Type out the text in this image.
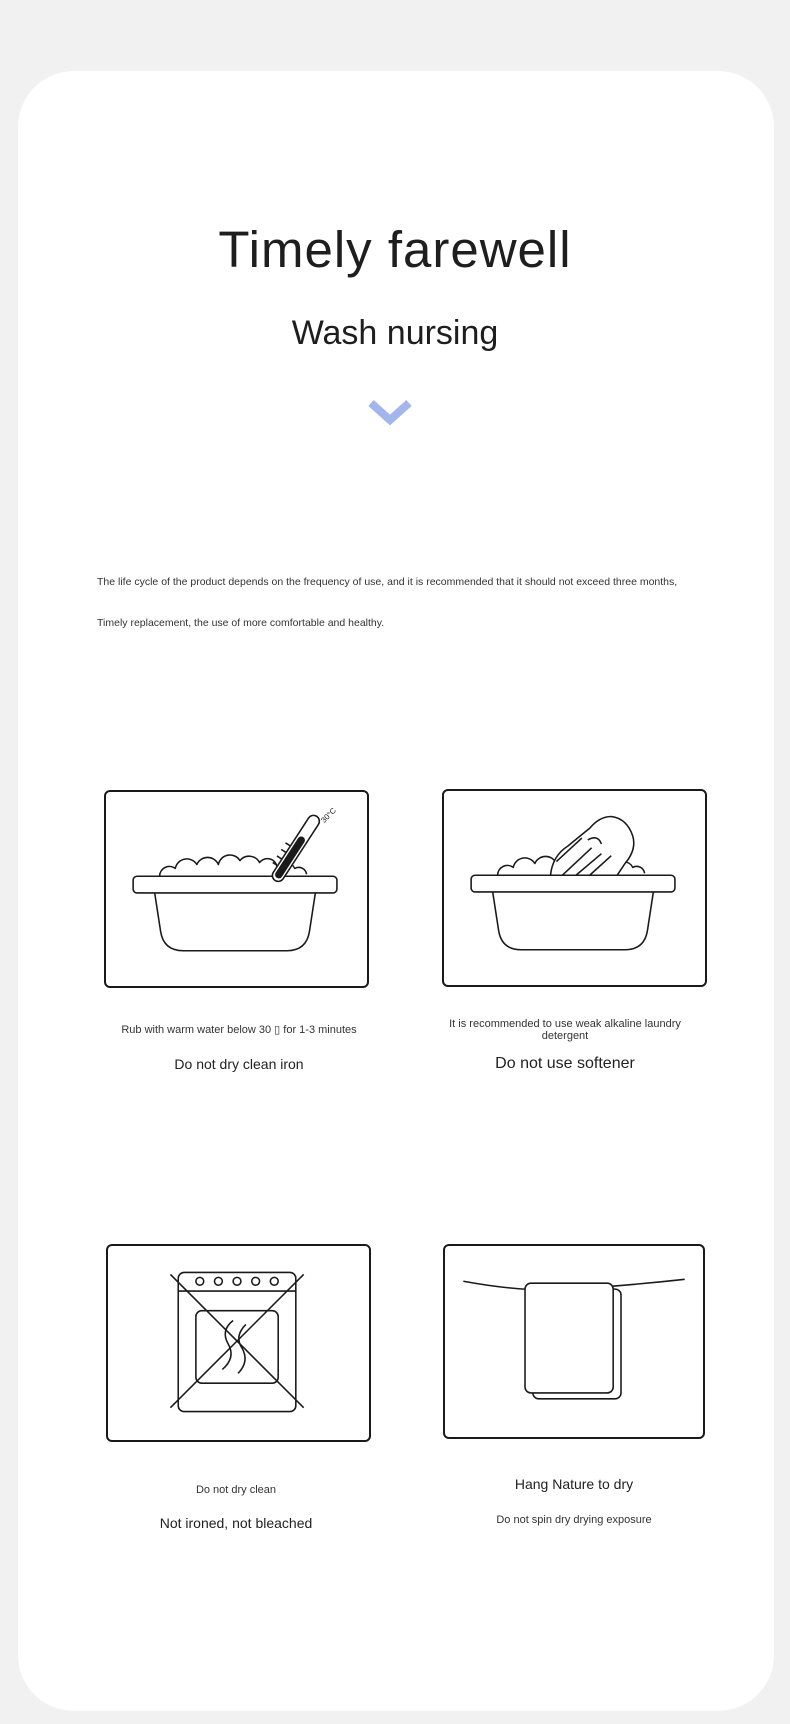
Timely farewell
Wash nursing

The life cycle of the product depends on the frequency of use, and it is recommended that it should not exceed three months,

Timely replacement, the use of more comfortable and healthy.

30°C
Rub with warm water below 30 ▯ for 1-3 minutes
Do not dry clean iron
It is recommended to use weak alkaline laundry detergent
Do not use softener
Do not dry clean
Not ironed, not bleached
Hang Nature to dry
Do not spin dry drying exposure
